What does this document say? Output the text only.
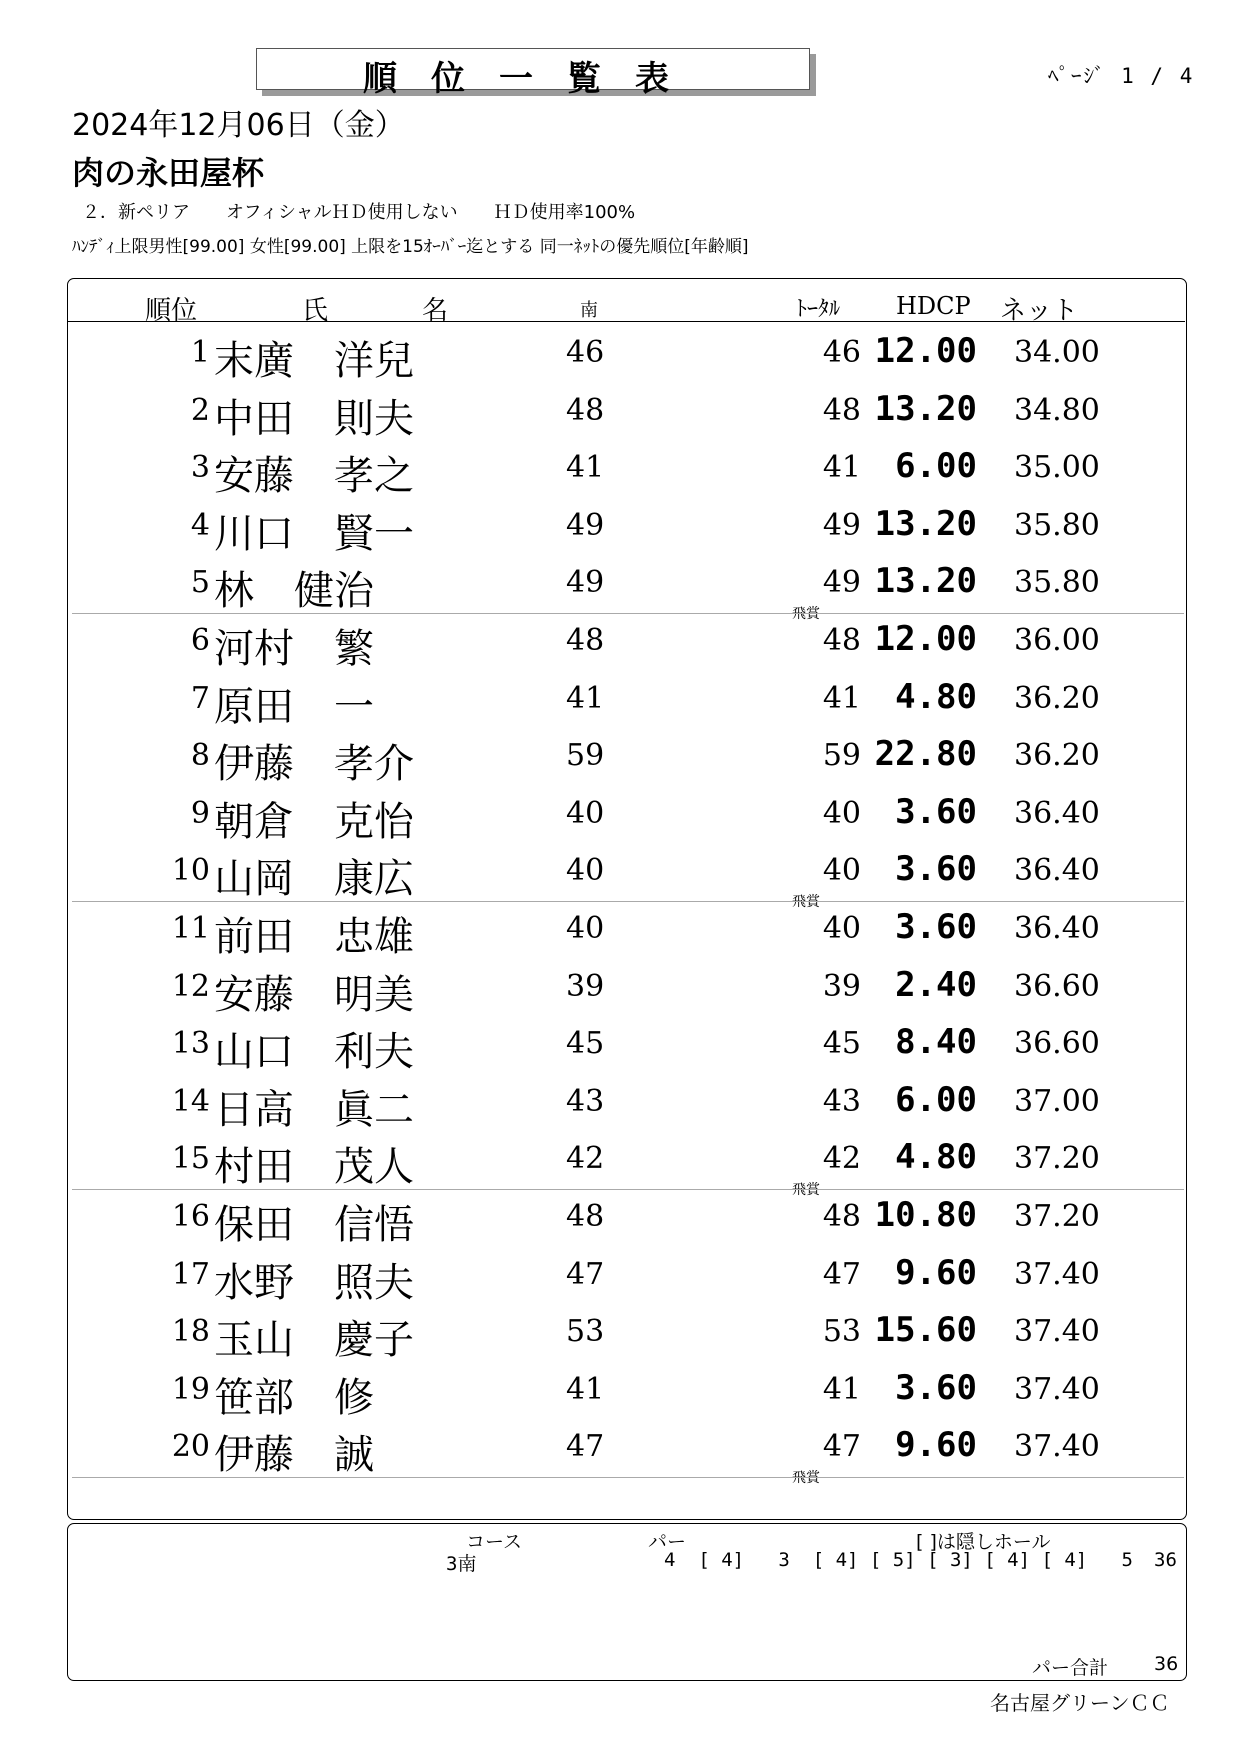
順位一覧表	ﾍﾟｰｼﾞ 1 / 4
2024年12月06日（金）
肉の永田屋杯
２．新ペリア　　オフィシャルＨＤ使用しない　　ＨＤ使用率100%
ﾊﾝﾃﾞｨ上限男性[99.00] 女性[99.00] 上限を15ｵｰﾊﾞｰ迄とする 同一ﾈｯﾄの優先順位[年齢順]
順位	氏	名	南	ﾄｰﾀﾙ HDCP ネット
1 末廣　洋兒	46	46 12.00 34.00
2 中田　則夫	48	48 13.20 34.80
3 安藤　孝之	41	41 6.00 35.00
4 川口　賢一	49	49 13.20 35.80
5 林　健治	49	49 13.20 35.80
飛賞
6 河村　繁	48	48 12.00 36.00
7 原田　一	41	41 4.80 36.20
8 伊藤　孝介	59	59 22.80 36.20
9 朝倉　克怡	40	40 3.60 36.40
10 山岡　康広	40	40 3.60 36.40
飛賞
11 前田　忠雄	40	40 3.60 36.40
12 安藤　明美	39	39 2.40 36.60
13 山口　利夫	45	45 8.40 36.60
14 日高　眞二	43	43 6.00 37.00
15 村田　茂人	42	42 4.80 37.20
飛賞
16 保田　信悟	48	48 10.80 37.20
17 水野　照夫	47	47 9.60 37.40
18 玉山　慶子	53	53 15.60 37.40
19 笹部　修	41	41 3.60 37.40
20 伊藤　誠	47	47 9.60 37.40
飛賞
コース	パー	[ ]は隠しホール
3南	4  [ 4]   3  [ 4] [ 5] [ 3] [ 4] [ 4]   5 36
パー合計 36
名古屋グリーンＣＣ
